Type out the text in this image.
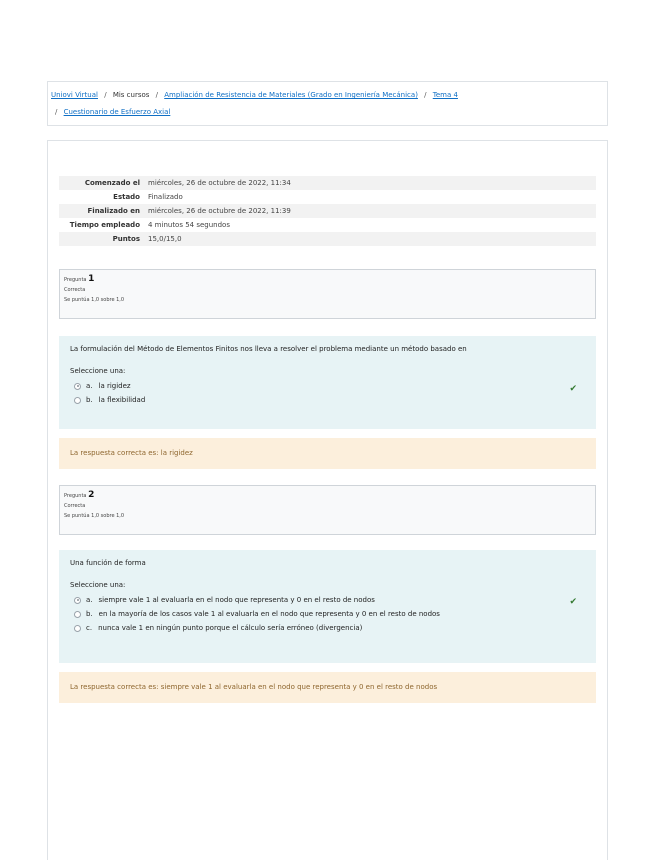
Uniovi Virtual / Mis cursos / Ampliación de Resistencia de Materiales (Grado en Ingeniería Mecánica) / Tema 4
/ Cuestionario de Esfuerzo Axial
Comenzado el	miércoles, 26 de octubre de 2022, 11:34
Estado	Finalizado
Finalizado en	miércoles, 26 de octubre de 2022, 11:39
Tiempo empleado	4 minutos 54 segundos
Puntos	15,0/15,0
Pregunta 1
Correcta
Se puntúa 1,0 sobre 1,0
La formulación del Método de Elementos Finitos nos lleva a resolver el problema mediante un método basado en
Seleccione una:
a. la rigidez
b. la flexibilidad
✔
La respuesta correcta es: la rigidez
Pregunta 2
Correcta
Se puntúa 1,0 sobre 1,0
Una función de forma
Seleccione una:
a. siempre vale 1 al evaluarla en el nodo que representa y 0 en el resto de nodos
b. en la mayoría de los casos vale 1 al evaluarla en el nodo que representa y 0 en el resto de nodos
c. nunca vale 1 en ningún punto porque el cálculo sería erróneo (divergencia)
✔
La respuesta correcta es: siempre vale 1 al evaluarla en el nodo que representa y 0 en el resto de nodos
